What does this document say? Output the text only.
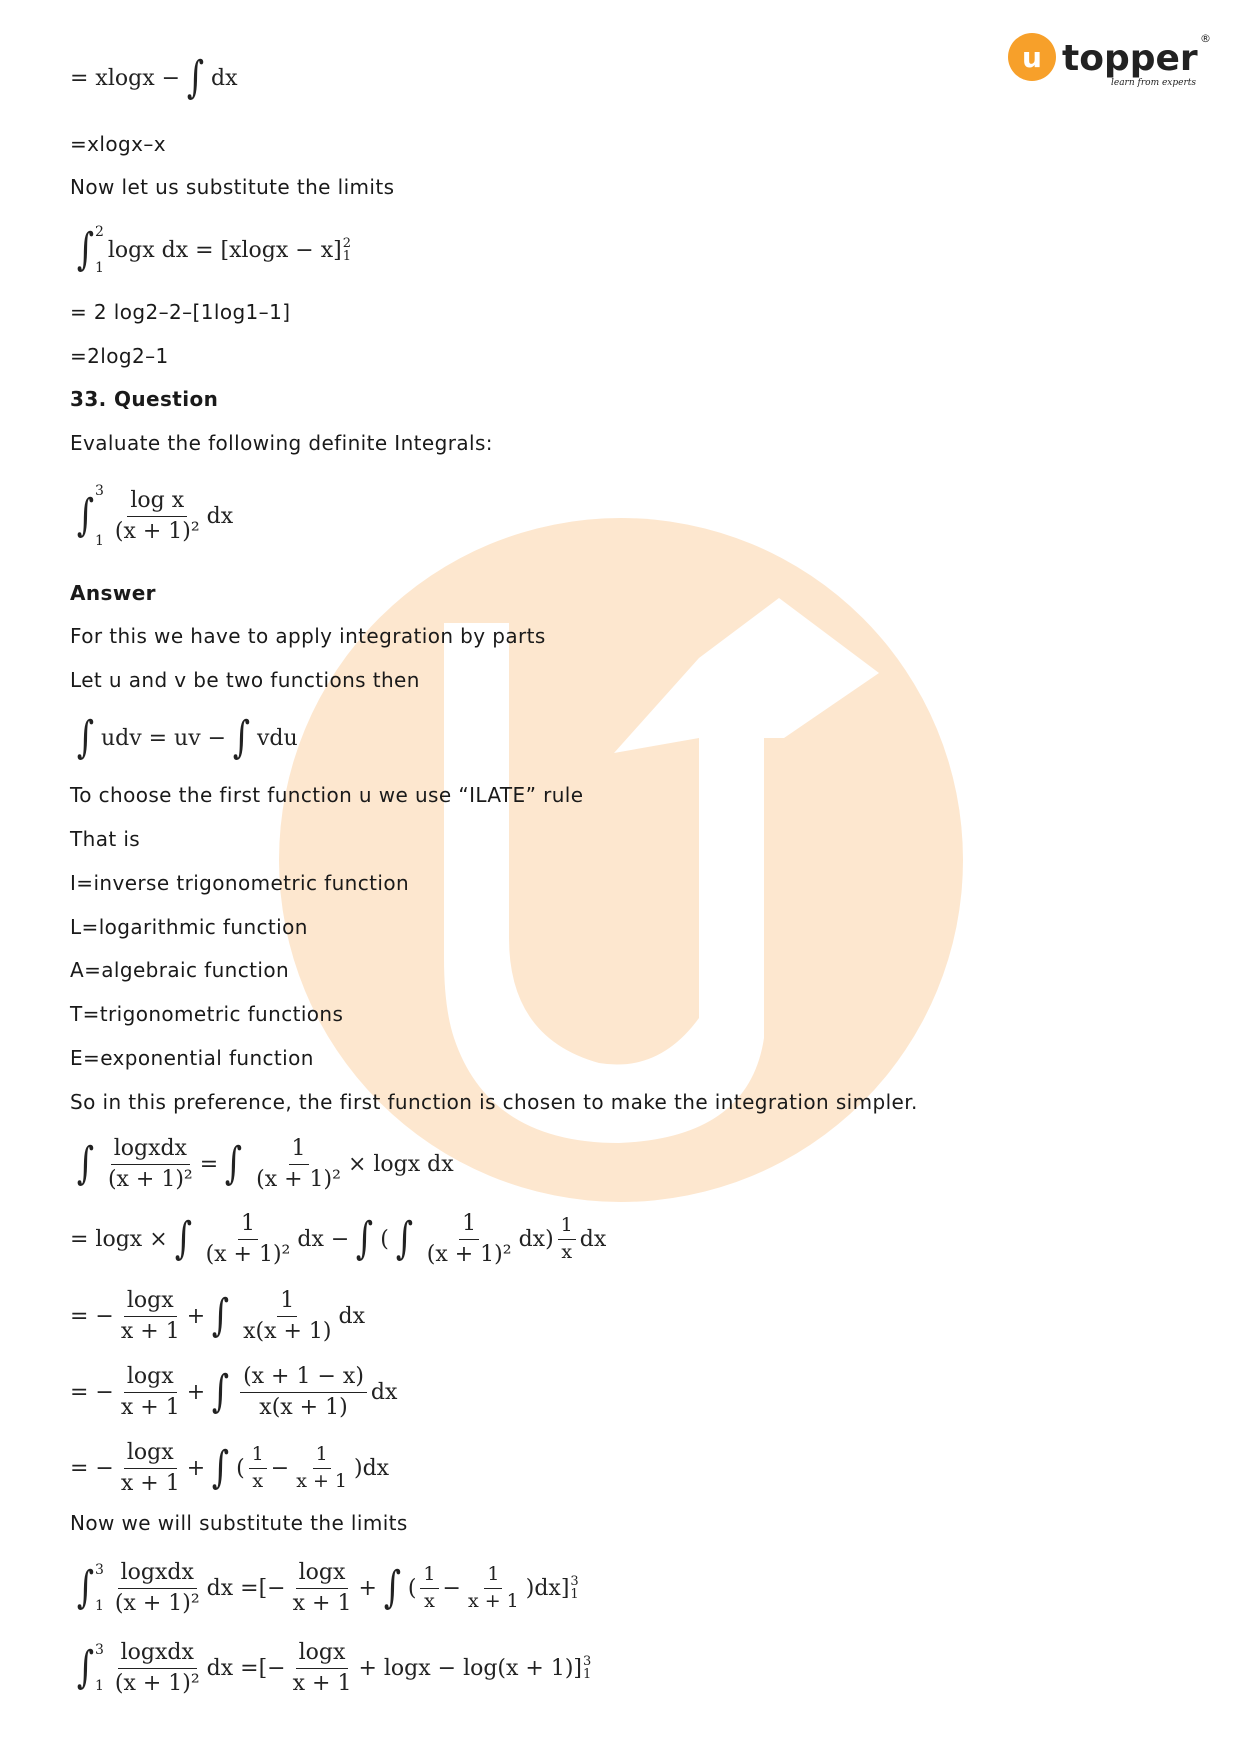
u topper ®
learn from experts
= xlogx − ∫ dx
=xlogx–x
Now let us substitute the limits
∫ 2
1
logx dx = [xlogx − x] 2
1
= 2 log2–2–[1log1–1]
=2log2–1
33. Question
Evaluate the following definite Integrals:
∫ 3
$1 \frac{\text{log x}}{\text{(x + 1)²}}$ dx
Answer
For this we have to apply integration by parts
Let u and v be two functions then
∫ udv = uv − ∫ vdu
To choose the first function u we use “ILATE” rule
That is
I=inverse trigonometric function
L=logarithmic function
A=algebraic function
T=trigonometric functions
E=exponential function
So in this preference, the first function is chosen to make the integration simpler.
∫ $\frac{\text{logxdx}}{\text{(x + 1)²}}$ = ∫ $\frac{1}{\text{(x + 1)²}} \times \log x$ dx
= logx × ∫ $\frac{1}{\text{(x + 1)²}}$ dx − ∫ ( ∫ $\frac{1}{\text{(x + 1)²}} dx) \frac{1}{x}$ dx
= − $\frac{\log x}{x + 1}$ + ∫ $\frac{1}{x(x + 1)}$ dx
= − $\frac{\log x}{x + 1}$ + ∫ $\frac{(x + 1 - x)}{x(x + 1)}$ dx
= − $\frac{\log x}{x + 1}$ + ∫ ( $\frac{1}{x} - \frac{1}{x + 1} )dx$
Now we will substitute the limits
∫ 3
$1 \frac{\text{logxdx}}{\text{(x + 1)²}}$ dx = [− $\frac{\log x}{x + 1}$ + ∫ ( $\frac{1}{x} - \frac{1}{x + 1} )dx$] 3
1
∫ 3
$1 \frac{\text{logxdx}}{\text{(x + 1)²}}$ dx = [− $\frac{\log x}{x + 1} + \log x - \log(x + 1)$] 3
1
